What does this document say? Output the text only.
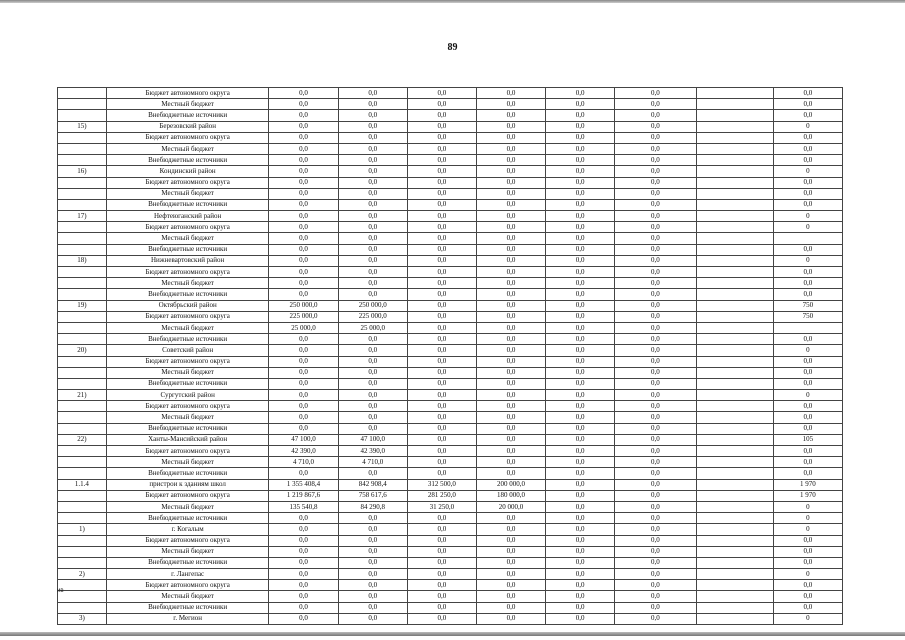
89
	Бюджет автономного округа	0,0	0,0	0,0	0,0	0,0	0,0		0,0
	Местный бюджет	0,0	0,0	0,0	0,0	0,0	0,0		0,0
	Внебюджетные источники	0,0	0,0	0,0	0,0	0,0	0,0		0,0
15)	Березовский район	0,0	0,0	0,0	0,0	0,0	0,0		0
	Бюджет автономного округа	0,0	0,0	0,0	0,0	0,0	0,0		0,0
	Местный бюджет	0,0	0,0	0,0	0,0	0,0	0,0		0,0
	Внебюджетные источники	0,0	0,0	0,0	0,0	0,0	0,0		0,0
16)	Кондинский район	0,0	0,0	0,0	0,0	0,0	0,0		0
	Бюджет автономного округа	0,0	0,0	0,0	0,0	0,0	0,0		0,0
	Местный бюджет	0,0	0,0	0,0	0,0	0,0	0,0		0,0
	Внебюджетные источники	0,0	0,0	0,0	0,0	0,0	0,0		0,0
17)	Нефтеюганский район	0,0	0,0	0,0	0,0	0,0	0,0		0
	Бюджет автономного округа	0,0	0,0	0,0	0,0	0,0	0,0		0
	Местный бюджет	0,0	0,0	0,0	0,0	0,0	0,0		
	Внебюджетные источники	0,0	0,0	0,0	0,0	0,0	0,0		0,0
18)	Нижневартовский район	0,0	0,0	0,0	0,0	0,0	0,0		0
	Бюджет автономного округа	0,0	0,0	0,0	0,0	0,0	0,0		0,0
	Местный бюджет	0,0	0,0	0,0	0,0	0,0	0,0		0,0
	Внебюджетные источники	0,0	0,0	0,0	0,0	0,0	0,0		0,0
19)	Октябрьский район	250 000,0	250 000,0	0,0	0,0	0,0	0,0		750
	Бюджет автономного округа	225 000,0	225 000,0	0,0	0,0	0,0	0,0		750
	Местный бюджет	25 000,0	25 000,0	0,0	0,0	0,0	0,0		
	Внебюджетные источники	0,0	0,0	0,0	0,0	0,0	0,0		0,0
20)	Советский район	0,0	0,0	0,0	0,0	0,0	0,0		0
	Бюджет автономного округа	0,0	0,0	0,0	0,0	0,0	0,0		0,0
	Местный бюджет	0,0	0,0	0,0	0,0	0,0	0,0		0,0
	Внебюджетные источники	0,0	0,0	0,0	0,0	0,0	0,0		0,0
21)	Сургутский район	0,0	0,0	0,0	0,0	0,0	0,0		0
	Бюджет автономного округа	0,0	0,0	0,0	0,0	0,0	0,0		0,0
	Местный бюджет	0,0	0,0	0,0	0,0	0,0	0,0		0,0
	Внебюджетные источники	0,0	0,0	0,0	0,0	0,0	0,0		0,0
22)	Ханты-Мансийский район	47 100,0	47 100,0	0,0	0,0	0,0	0,0		105
	Бюджет автономного округа	42 390,0	42 390,0	0,0	0,0	0,0	0,0		0,0
	Местный бюджет	4 710,0	4 710,0	0,0	0,0	0,0	0,0		0,0
	Внебюджетные источники	0,0	0,0	0,0	0,0	0,0	0,0		0,0
1.1.4	пристрои к зданиям школ	1 355 408,4	842 908,4	312 500,0	200 000,0	0,0	0,0		1 970
	Бюджет автономного округа	1 219 867,6	758 617,6	281 250,0	180 000,0	0,0	0,0		1 970
	Местный бюджет	135 540,8	84 290,8	31 250,0	20 000,0	0,0	0,0		0
	Внебюджетные источники	0,0	0,0	0,0	0,0	0,0	0,0		0
1)	г. Когалым	0,0	0,0	0,0	0,0	0,0	0,0		0
	Бюджет автономного округа	0,0	0,0	0,0	0,0	0,0	0,0		0,0
	Местный бюджет	0,0	0,0	0,0	0,0	0,0	0,0		0,0
	Внебюджетные источники	0,0	0,0	0,0	0,0	0,0	0,0		0,0
2)	г. Лангепас	0,0	0,0	0,0	0,0	0,0	0,0		0
	Бюджет автономного округа	0,0	0,0	0,0	0,0	0,0	0,0		0,0
	Местный бюджет	0,0	0,0	0,0	0,0	0,0	0,0		0,0
	Внебюджетные источники	0,0	0,0	0,0	0,0	0,0	0,0		0,0
3)	г. Мегион	0,0	0,0	0,0	0,0	0,0	0,0		0
ив
